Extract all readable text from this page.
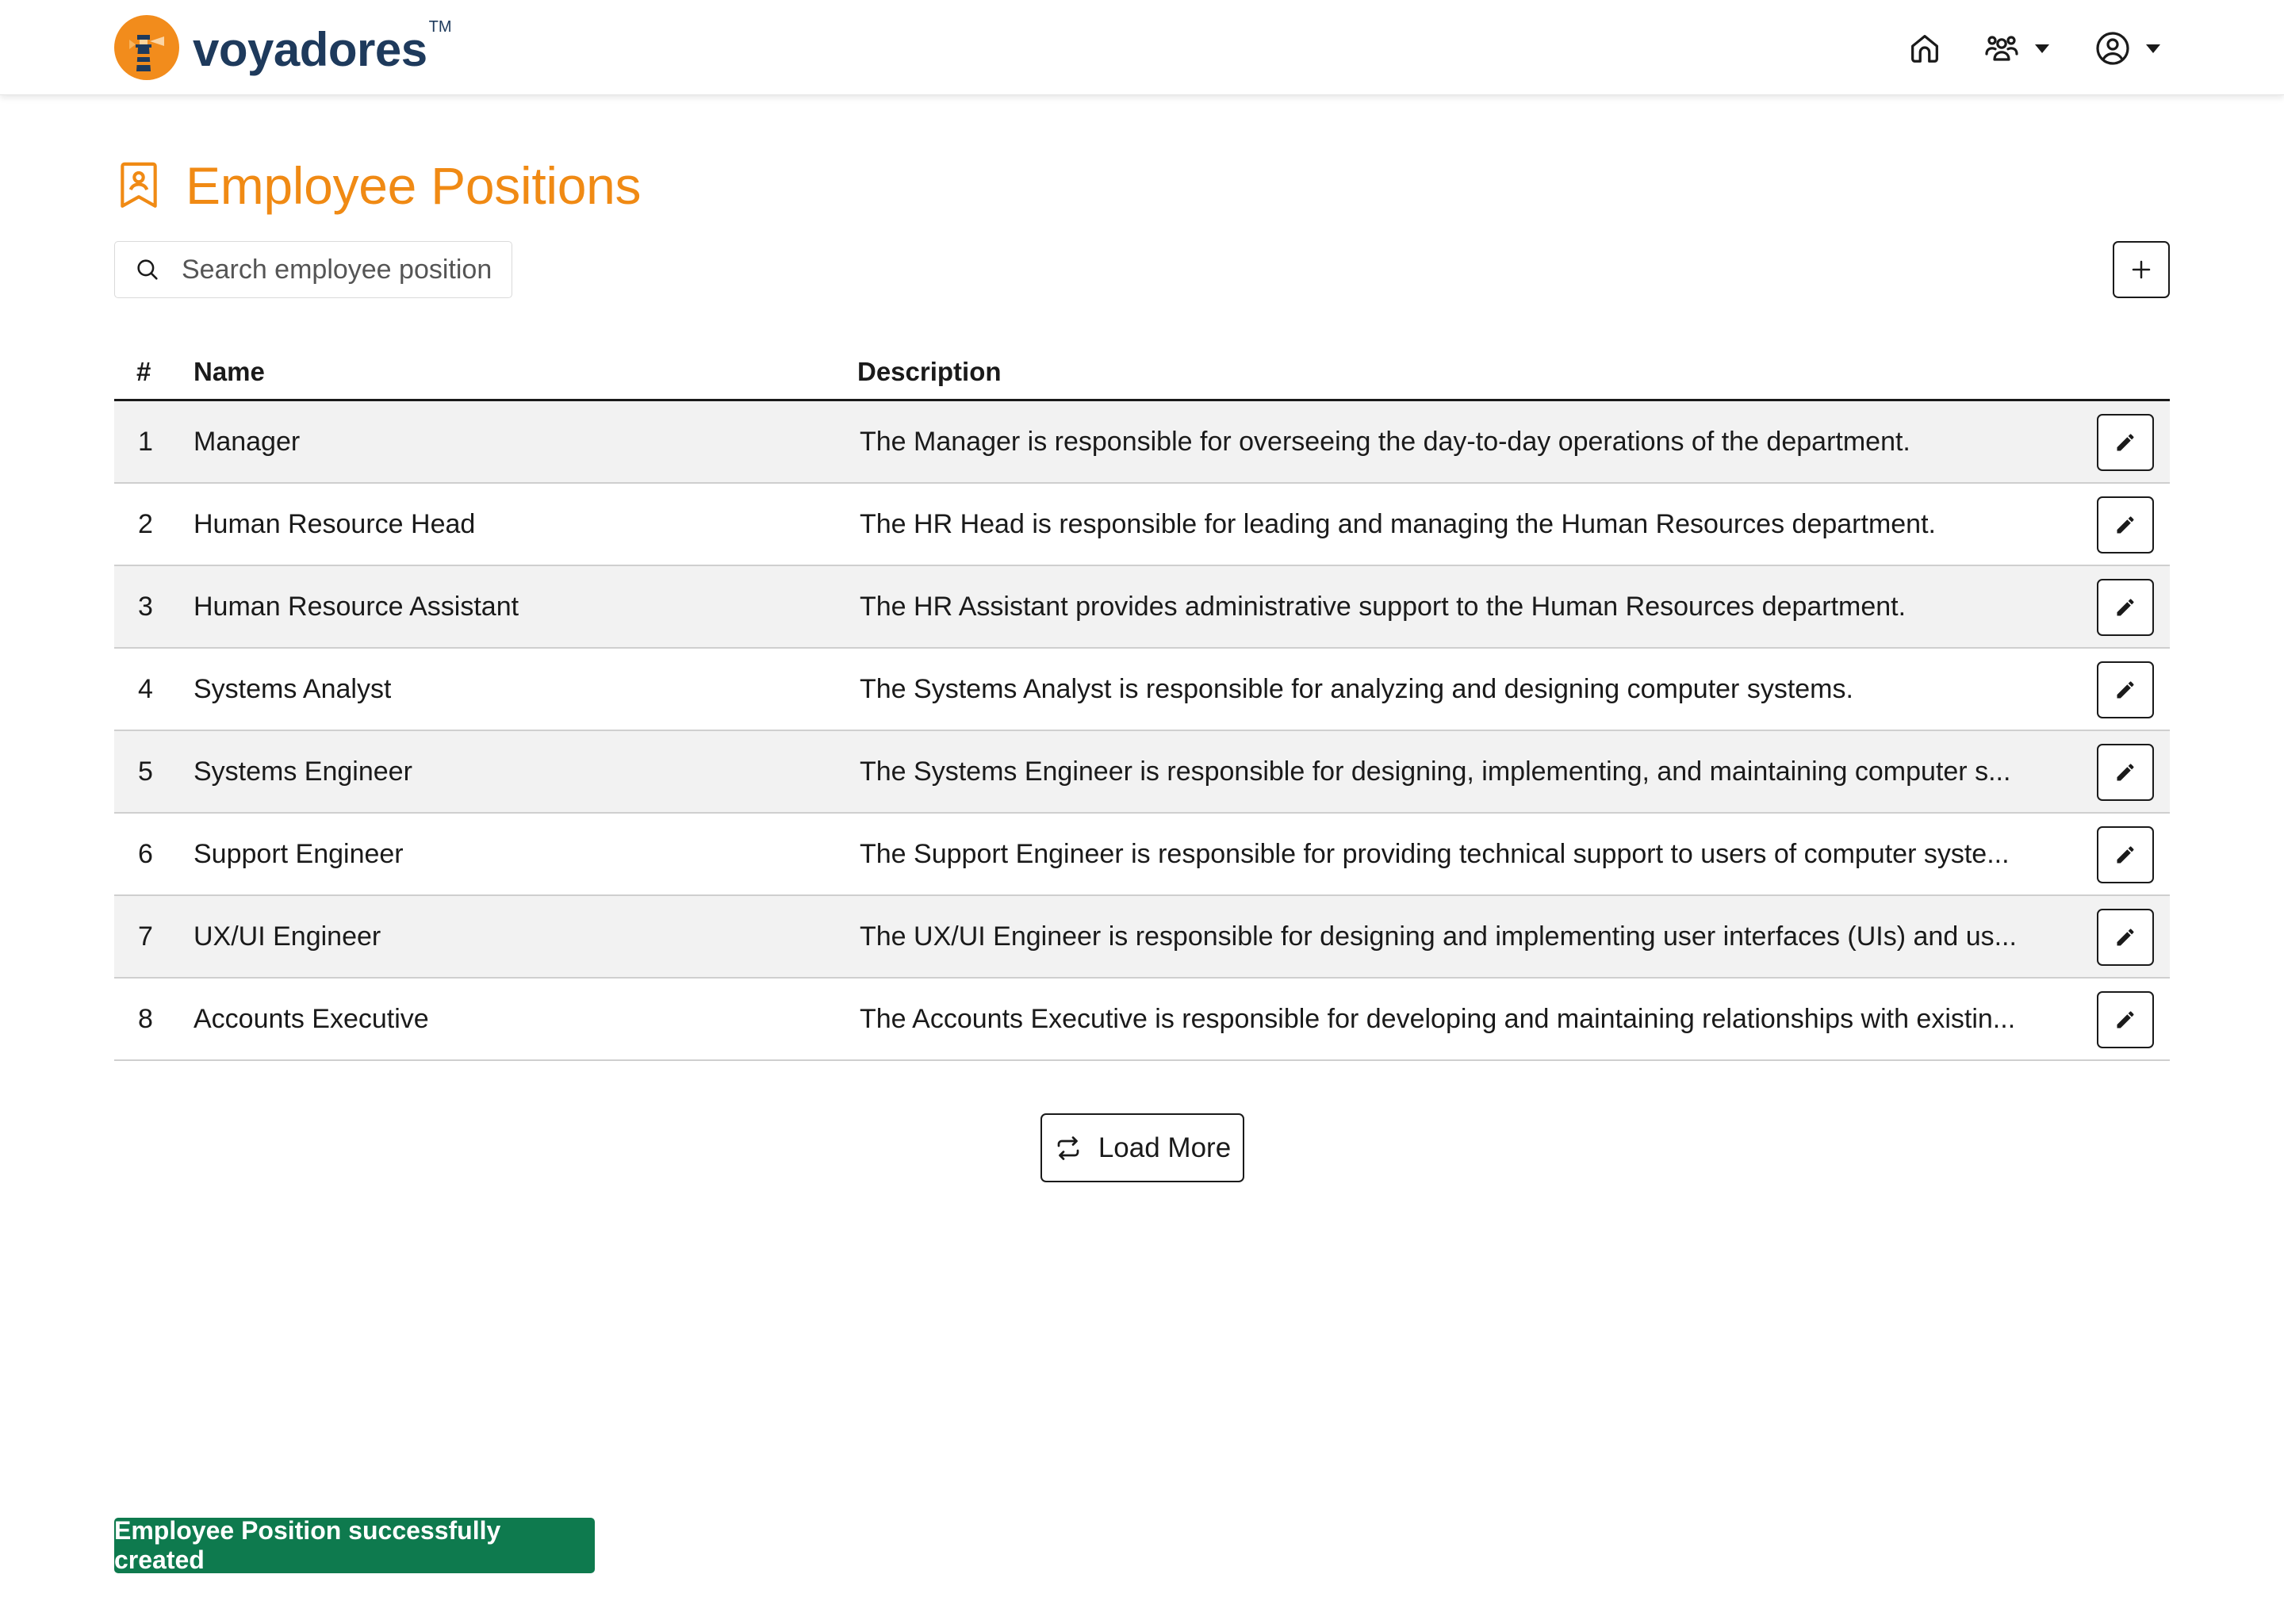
voyadores TM
Employee Positions
Search employee position
# Name	Description
1 Manager	The Manager is responsible for overseeing the day-to-day operations of the department.
2 Human Resource Head	The HR Head is responsible for leading and managing the Human Resources department.
3 Human Resource Assistant	The HR Assistant provides administrative support to the Human Resources department.
4 Systems Analyst	The Systems Analyst is responsible for analyzing and designing computer systems.
5 Systems Engineer	The Systems Engineer is responsible for designing, implementing, and maintaining computer s...
6 Support Engineer	The Support Engineer is responsible for providing technical support to users of computer syste...
7 UX/UI Engineer	The UX/UI Engineer is responsible for designing and implementing user interfaces (UIs) and us...
8 Accounts Executive	The Accounts Executive is responsible for developing and maintaining relationships with existin...
Load More
Employee Position successfully created
